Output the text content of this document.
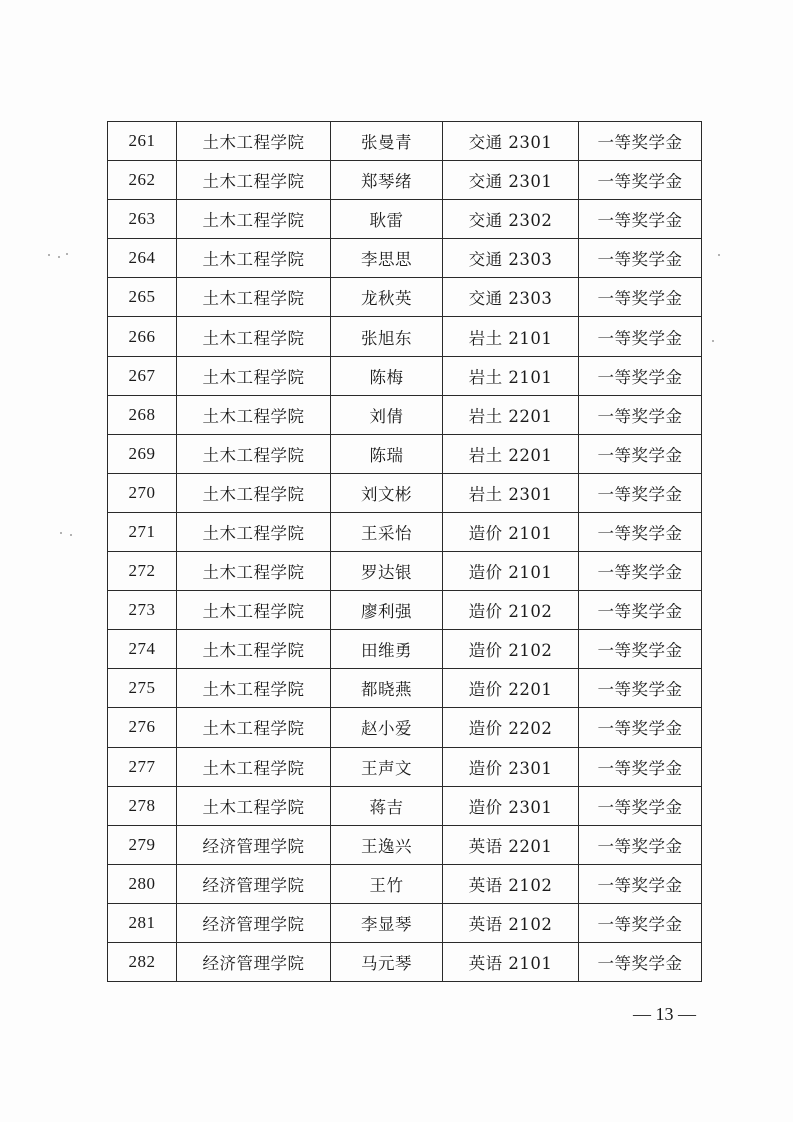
261	土木工程学院	张曼青	交通 2301	一等奖学金
262	土木工程学院	郑琴绪	交通 2301	一等奖学金
263	土木工程学院	耿雷	交通 2302	一等奖学金
264	土木工程学院	李思思	交通 2303	一等奖学金
265	土木工程学院	龙秋英	交通 2303	一等奖学金
266	土木工程学院	张旭东	岩土 2101	一等奖学金
267	土木工程学院	陈梅	岩土 2101	一等奖学金
268	土木工程学院	刘倩	岩土 2201	一等奖学金
269	土木工程学院	陈瑞	岩土 2201	一等奖学金
270	土木工程学院	刘文彬	岩土 2301	一等奖学金
271	土木工程学院	王采怡	造价 2101	一等奖学金
272	土木工程学院	罗达银	造价 2101	一等奖学金
273	土木工程学院	廖利强	造价 2102	一等奖学金
274	土木工程学院	田维勇	造价 2102	一等奖学金
275	土木工程学院	都晓燕	造价 2201	一等奖学金
276	土木工程学院	赵小爱	造价 2202	一等奖学金
277	土木工程学院	王声文	造价 2301	一等奖学金
278	土木工程学院	蒋吉	造价 2301	一等奖学金
279	经济管理学院	王逸兴	英语 2201	一等奖学金
280	经济管理学院	王竹	英语 2102	一等奖学金
281	经济管理学院	李显琴	英语 2102	一等奖学金
282	经济管理学院	马元琴	英语 2101	一等奖学金
— 13 —
